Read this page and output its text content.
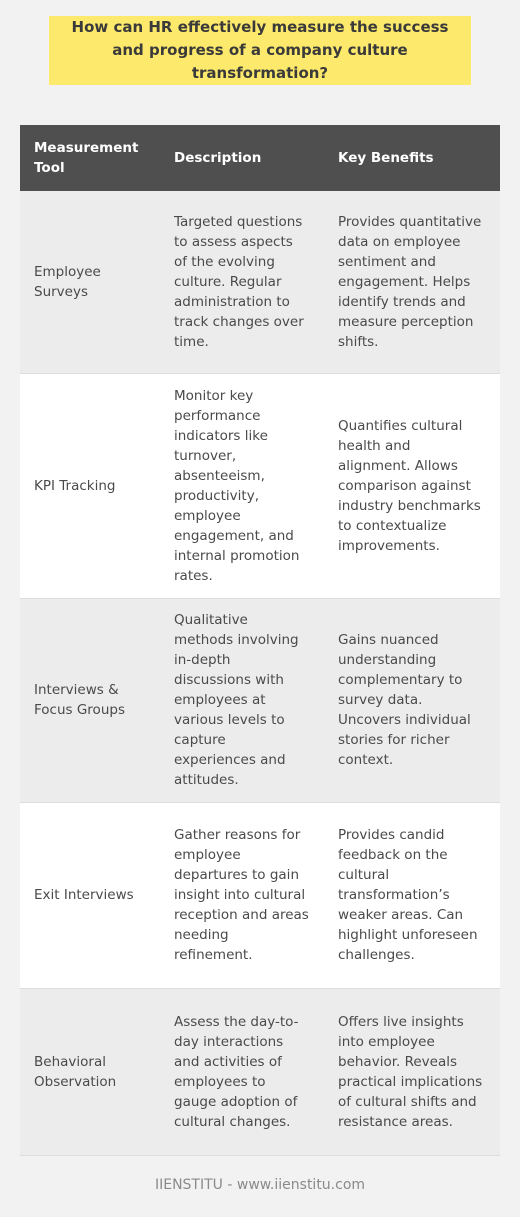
How can HR effectively measure the success and progress of a company culture transformation?
Measurement Tool	Description	Key Benefits
Employee Surveys	Targeted questions to assess aspects of the evolving culture. Regular administration to track changes over time.	Provides quantitative data on employee sentiment and engagement. Helps identify trends and measure perception shifts.
KPI Tracking	Monitor key performance indicators like turnover, absenteeism, productivity, employee engagement, and internal promotion rates.	Quantifies cultural health and alignment. Allows comparison against industry benchmarks to contextualize improvements.
Interviews & Focus Groups	Qualitative methods involving in-depth discussions with employees at various levels to capture experiences and attitudes.	Gains nuanced understanding complementary to survey data. Uncovers individual stories for richer context.
Exit Interviews	Gather reasons for employee departures to gain insight into cultural reception and areas needing refinement.	Provides candid feedback on the cultural transformation’s weaker areas. Can highlight unforeseen challenges.
Behavioral Observation	Assess the day-to-day interactions and activities of employees to gauge adoption of cultural changes.	Offers live insights into employee behavior. Reveals practical implications of cultural shifts and resistance areas.
IIENSTITU - www.iienstitu.com
